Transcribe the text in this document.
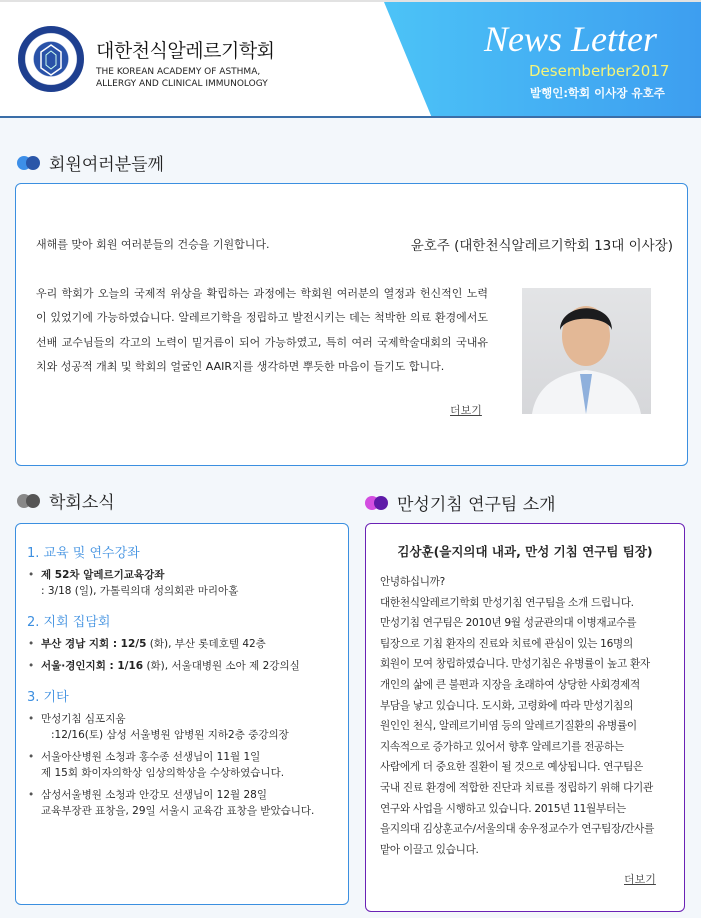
대한천식알레르기학회
THE KOREAN ACADEMY OF ASTHMA,
ALLERGY AND CLINICAL IMMUNOLOGY
News Letter
Desemberber2017
발행인:학회 이사장 유호주
회원여러분들께
새해를 맞아 회원 여러분들의 건승을 기원합니다.	윤호주 (대한천식알레르기학회 13대 이사장)
우리 학회가 오늘의 국제적 위상을 확립하는 과정에는 학회원 여러분의 열정과 헌신적인 노력이 있었기에 가능하였습니다. 알레르기학을 정립하고 발전시키는 데는 척박한 의료 환경에서도 선배 교수님들의 각고의 노력이 밑거름이 되어 가능하였고, 특히 여러 국제학술대회의 국내유치와 성공적 개최 및 학회의 얼굴인 AAIR지를 생각하면 뿌듯한 마음이 들기도 합니다.
더보기
학회소식
1. 교육 및 연수강좌
• 제 52차 알레르기교육강좌
: 3/18 (일), 가톨릭의대 성의회관 마리아홀
2. 지회 집담회
• 부산 경남 지회 : 12/5 (화), 부산 롯데호텔 42층
• 서울·경인지회 : 1/16 (화), 서울대병원 소아 제 2강의실
3. 기타
• 만성기침 심포지움
:12/16(토) 삼성 서울병원 암병원 지하2층 중강의장
• 서울아산병원 소청과 홍수종 선생님이 11월 1일
제 15회 화이자의학상 임상의학상을 수상하였습니다.
• 삼성서울병원 소청과 안강모 선생님이 12월 28일
교육부장관 표창을, 29일 서울시 교육감 표창을 받았습니다.
만성기침 연구팀 소개
김상훈(을지의대 내과, 만성 기침 연구팀 팀장)
안녕하십니까?
대한천식알레르기학회 만성기침 연구팀을 소개 드립니다.
만성기침 연구팀은 2010년 9월 성균관의대 이병재교수를
팀장으로 기침 환자의 진료와 치료에 관심이 있는 16명의
회원이 모여 창립하였습니다. 만성기침은 유병률이 높고 환자
개인의 삶에 큰 불편과 지장을 초래하여 상당한 사회경제적
부담을 낳고 있습니다. 도시화, 고령화에 따라 만성기침의
원인인 천식, 알레르기비염 등의 알레르기질환의 유병률이
지속적으로 증가하고 있어서 향후 알레르기를 전공하는
사람에게 더 중요한 질환이 될 것으로 예상됩니다. 연구팀은
국내 진료 환경에 적합한 진단과 치료를 정립하기 위해 다기관
연구와 사업을 시행하고 있습니다. 2015년 11월부터는
을지의대 김상훈교수/서울의대 송우정교수가 연구팀장/간사를
맡아 이끌고 있습니다.
더보기
